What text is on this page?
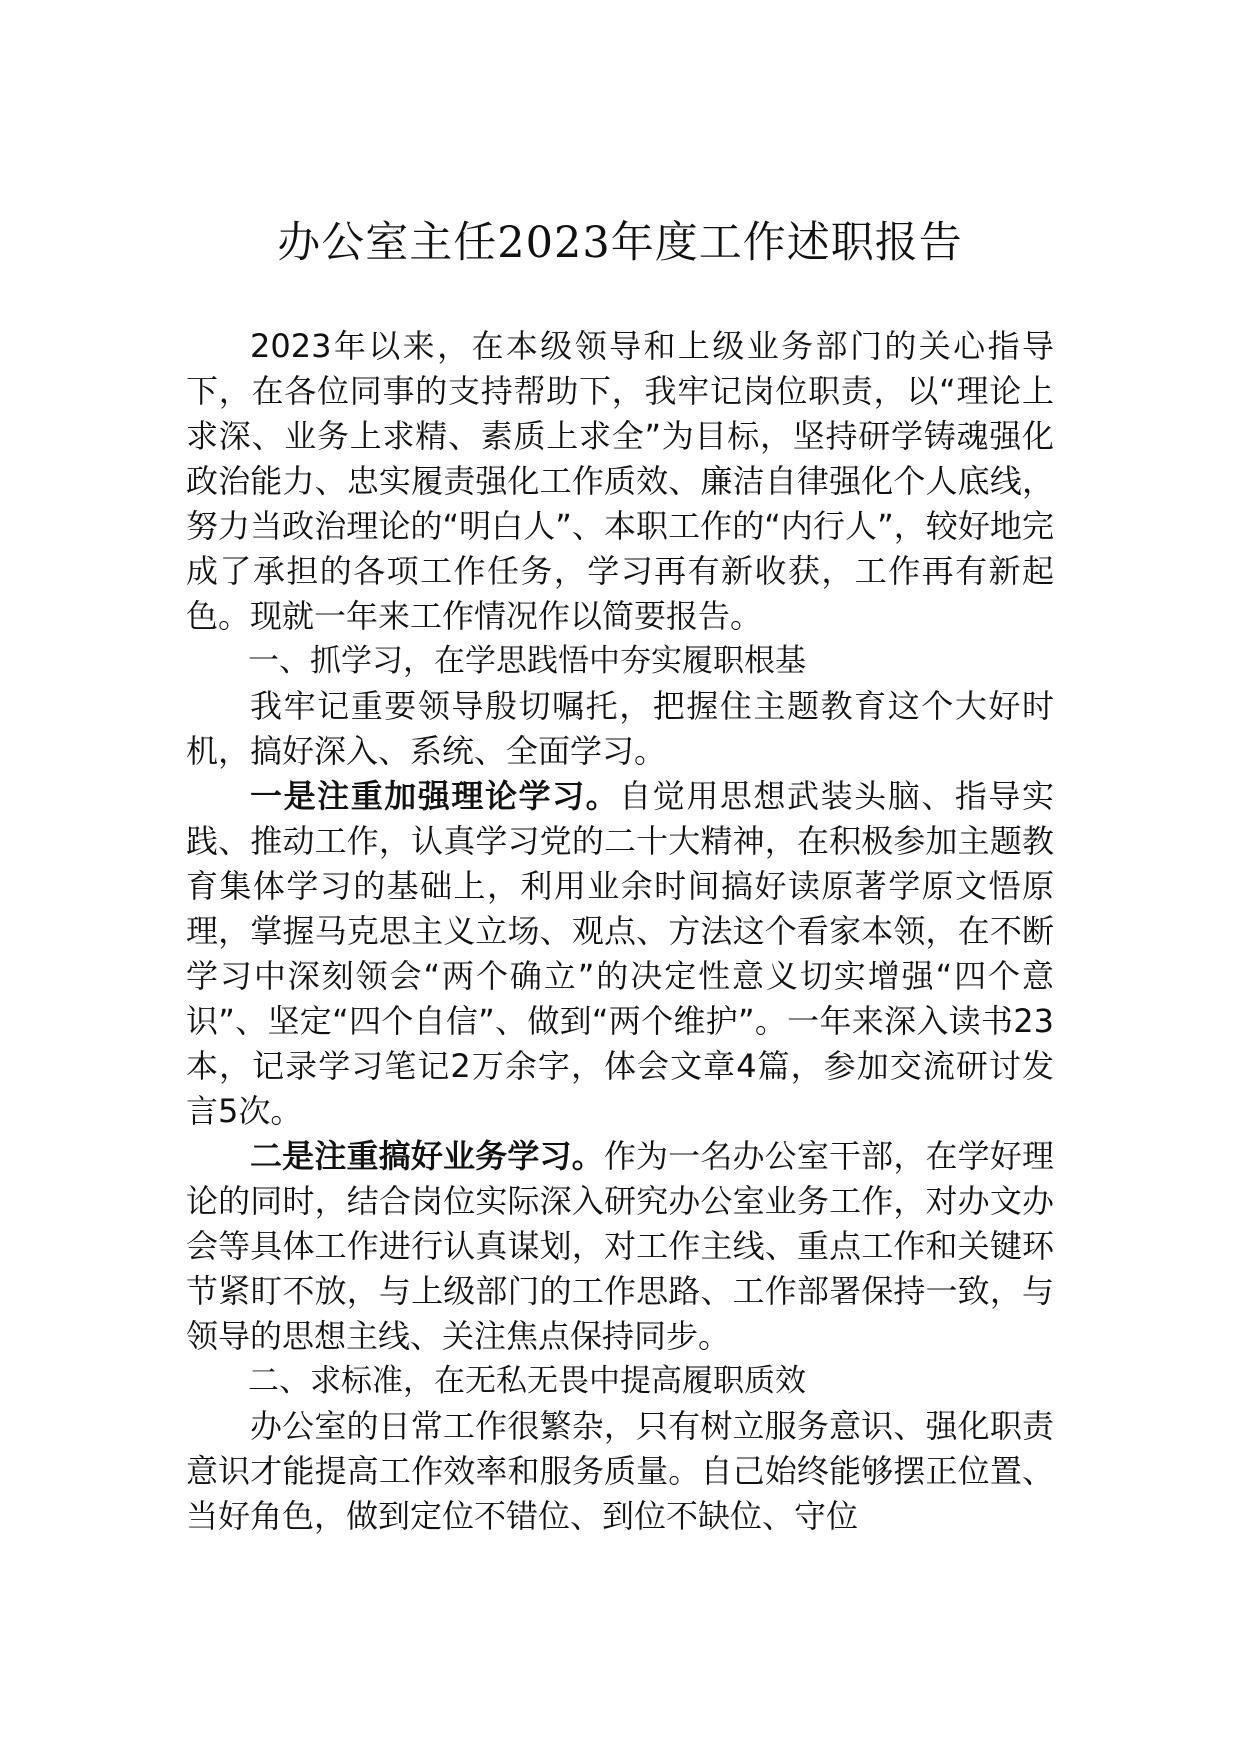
办公室主任2023年度工作述职报告

2023年以来，在本级领导和上级业务部门的关心指导下，在各位同事的支持帮助下，我牢记岗位职责，以“理论上求深、业务上求精、素质上求全”为目标，坚持研学铸魂强化政治能力、忠实履责强化工作质效、廉洁自律强化个人底线，努力当政治理论的“明白人”、本职工作的“内行人”，较好地完成了承担的各项工作任务，学习再有新收获，工作再有新起色。现就一年来工作情况作以简要报告。

一、抓学习，在学思践悟中夯实履职根基

我牢记重要领导殷切嘱托，把握住主题教育这个大好时机，搞好深入、系统、全面学习。

一是注重加强理论学习。自觉用思想武装头脑、指导实践、推动工作，认真学习党的二十大精神，在积极参加主题教育集体学习的基础上，利用业余时间搞好读原著学原文悟原理，掌握马克思主义立场、观点、方法这个看家本领，在不断学习中深刻领会“两个确立”的决定性意义切实增强“四个意识”、坚定“四个自信”、做到“两个维护”。一年来深入读书23本，记录学习笔记2万余字，体会文章4篇，参加交流研讨发言5次。

二是注重搞好业务学习。作为一名办公室干部，在学好理论的同时，结合岗位实际深入研究办公室业务工作，对办文办会等具体工作进行认真谋划，对工作主线、重点工作和关键环节紧盯不放，与上级部门的工作思路、工作部署保持一致，与领导的思想主线、关注焦点保持同步。

二、求标准，在无私无畏中提高履职质效

办公室的日常工作很繁杂，只有树立服务意识、强化职责意识才能提高工作效率和服务质量。自己始终能够摆正位置、当好角色，做到定位不错位、到位不缺位、守位
